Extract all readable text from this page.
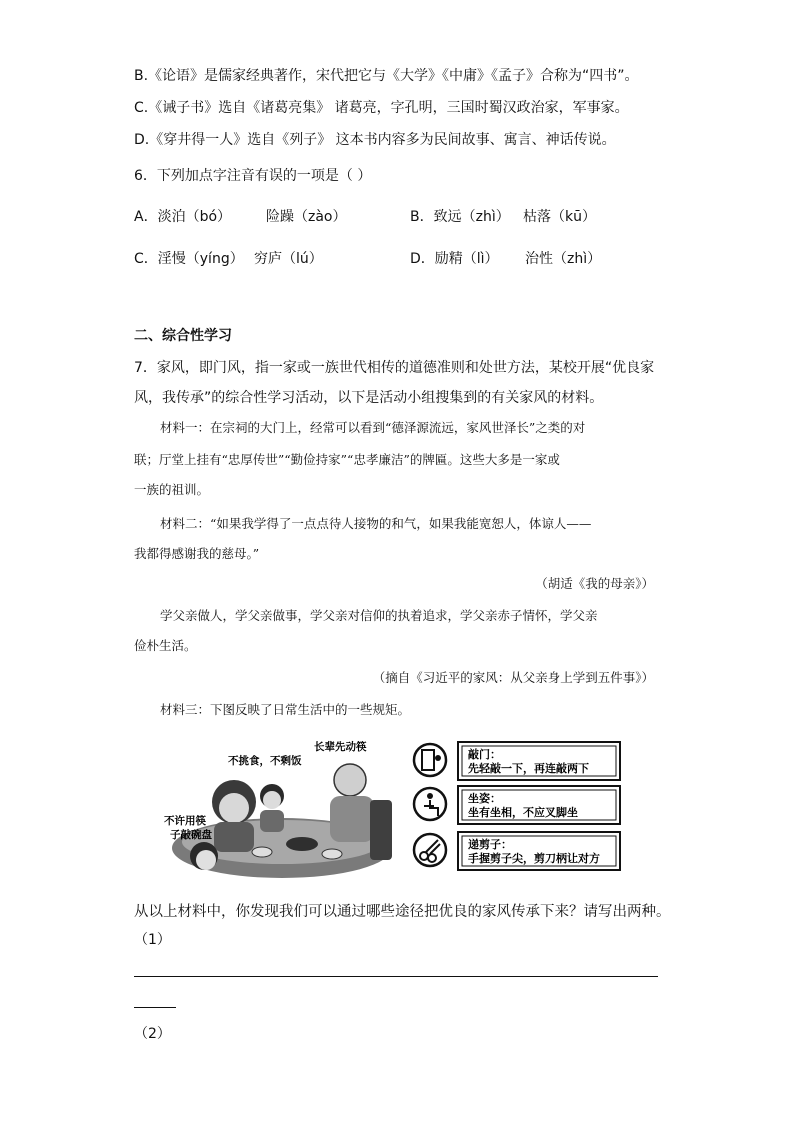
B.《论语》是儒家经典著作，宋代把它与《大学》《中庸》《孟子》合称为“四书”。
C.《诫子书》选自《诸葛亮集》 诸葛亮，字孔明，三国时蜀汉政治家，军事家。
D.《穿井得一人》选自《列子》 这本书内容多为民间故事、寓言、神话传说。
6．下列加点字注音有误的一项是（ ）
A．淡泊（bó） 险躁（zào）	B．致远（zhì） 枯落（kū）
C．淫慢（yíng） 穷庐（lú）	D．励精（lì） 治性（zhì）
二、综合性学习
7．家风，即门风，指一家或一族世代相传的道德准则和处世方法，某校开展“优良家
风，我传承”的综合性学习活动，以下是活动小组搜集到的有关家风的材料。
材料一：在宗祠的大门上，经常可以看到“德泽源流远，家风世泽长”之类的对
联；厅堂上挂有“忠厚传世”“勤俭持家”“忠孝廉洁”的牌匾。这些大多是一家或
一族的祖训。
材料二：“如果我学得了一点点待人接物的和气，如果我能宽恕人，体谅人——
我都得感谢我的慈母。”
（胡适《我的母亲》）
学父亲做人，学父亲做事，学父亲对信仰的执着追求，学父亲赤子情怀，学父亲
俭朴生活。
（摘自《习近平的家风：从父亲身上学到五件事》）
材料三：下图反映了日常生活中的一些规矩。
长辈先动筷
不挑食，不剩饭
不许用筷
子敲碗盘
敲门：
先轻敲一下，再连敲两下
坐姿：
坐有坐相，不应叉脚坐
递剪子：
手握剪子尖，剪刀柄让对方
从以上材料中，你发现我们可以通过哪些途径把优良的家风传承下来？请写出两种。
（1）
（2）
